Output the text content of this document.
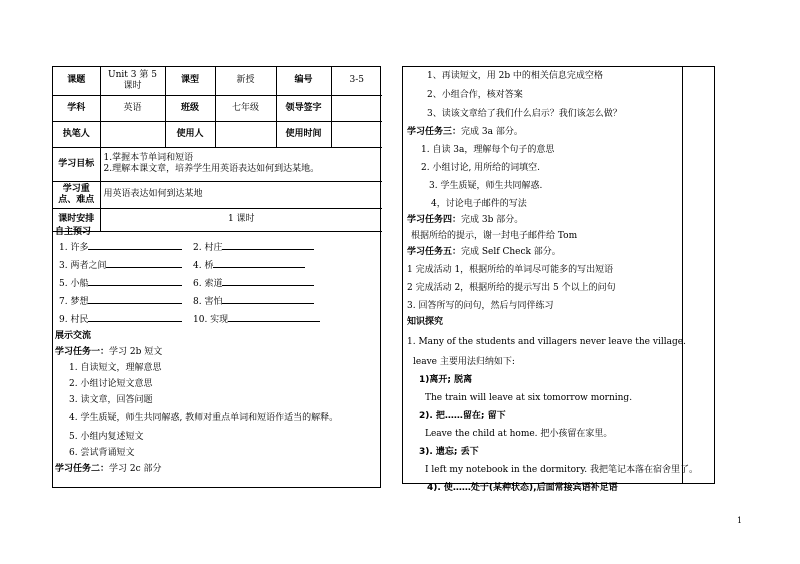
课题	Unit 3 第 5 课时	课型	新授	编号	3-5
学科	英语	班级	七年级	领导签字	
执笔人		使用人		使用时间	
学习目标	1.掌握本节单词和短语
2.理解本课文章，培养学生用英语表达如何到达某地。				

学习重点、难点	用英语表达如何到达某地				
课时安排	1 课时				
自主预习
1. 许多	2. 村庄
3. 两者之间	4. 桥
5. 小船	6. 索道
7. 梦想	8. 害怕
9. 村民	10. 实现
展示交流
学习任务一：学习 2b 短文
1. 自读短文，理解意思
2. 小组讨论短文意思
3. 读文章，回答问题
4. 学生质疑，师生共同解惑, 教师对重点单词和短语作适当的解释。
5. 小组内复述短文
6. 尝试背诵短文
学习任务二：学习 2c 部分
1、再读短文，用 2b 中的相关信息完成空格
2、小组合作，核对答案
3、读该文章给了我们什么启示？我们该怎么做？
学习任务三：完成 3a 部分。
1. 自读 3a，理解每个句子的意思
2. 小组讨论, 用所给的词填空.
3. 学生质疑，师生共同解惑.
4，讨论电子邮件的写法
学习任务四：完成 3b 部分。
根据所给的提示，谢一封电子邮件给 Tom
学习任务五：完成 Self Check 部分。
1 完成活动 1，根据所给的单词尽可能多的写出短语
2 完成活动 2，根据所给的提示写出 5 个以上的问句
3. 回答所写的问句，然后与同伴练习
知识探究
1. Many of the students and villagers never leave the village.
leave 主要用法归纳如下:
1)离开; 脱离
The train will leave at six tomorrow morning.
2). 把……留在; 留下
Leave the child at home. 把小孩留在家里。
3). 遗忘; 丢下
I left my notebook in the dormitory. 我把笔记本落在宿舍里了。
4). 使……处于(某种状态),后面常接宾语补足语
1
